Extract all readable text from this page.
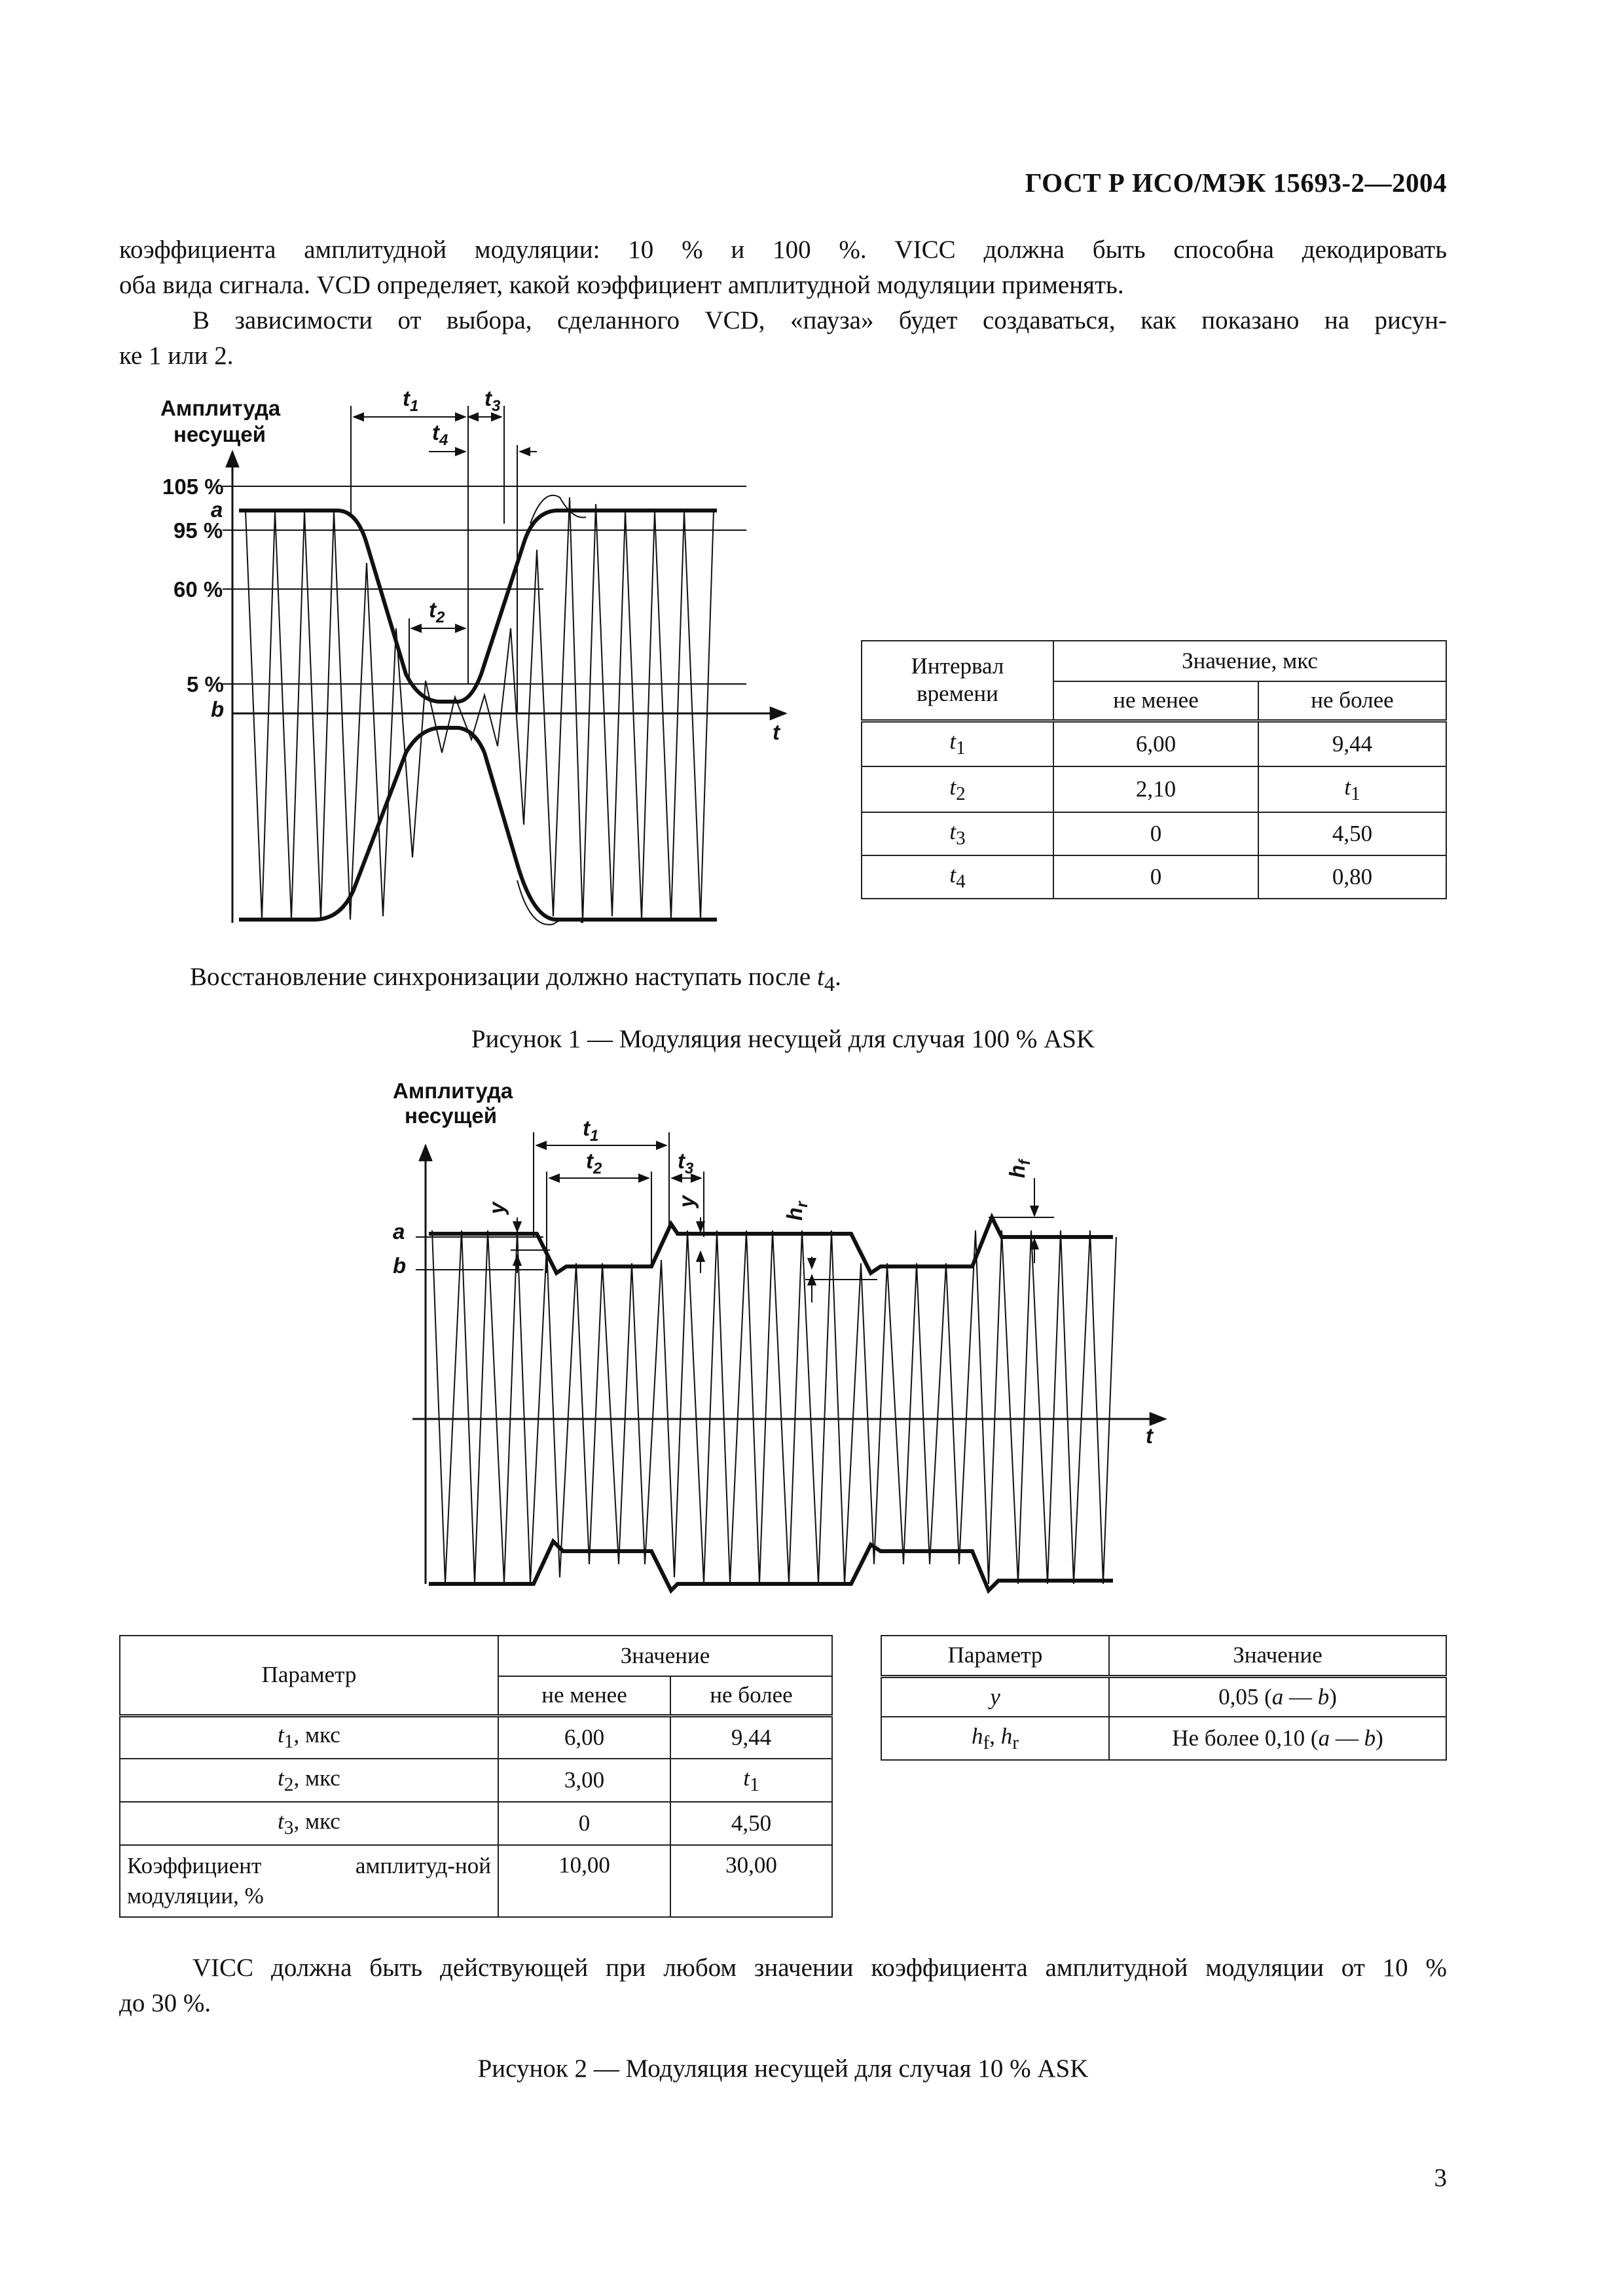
ГОСТ Р ИСО/МЭК 15693-2—2004
коэффициента амплитудной модуляции: 10 % и 100 %. VICC должна быть способна декодировать
оба вида сигнала. VCD определяет, какой коэффициент амплитудной модуляции применять.
В зависимости от выбора, сделанного VCD, «пауза» будет создаваться, как показано на рисун-
ке 1 или 2.
Амплитуда
несущей
105 %
a
95 %
60 %
5 %
b
t
$t_1$	$t_3$
$t_4$
$t_2$
Интервал
времени	Значение, мкс	
	не менее	не более
$t_1$	6,00	9,44
$t_2$	2,10	$t_1$
$t_3$	0	4,50
$t_4$	0	0,80
Восстановление синхронизации должно наступать после $t_4$.
Рисунок 1 — Модуляция несущей для случая 100 % ASK
Амплитуда
несущей
a
b
t
$t_1$
$t_2$	$t_3$
y
y
$h_r$
$h_f$
Параметр	Значение	
	не менее	не более
$t_1$, мкс	6,00	9,44
$t_2$, мкс	3,00	$t_1$
$t_3$, мкс	0	4,50
Коэффициент амплитуд-ной модуляции, %	10,00	30,00
Параметр	Значение
y	0,05 (a — b)
$h_f$, $h_r$	Не более 0,10 (a — b)
VICC должна быть действующей при любом значении коэффициента амплитудной модуляции от 10 %
до 30 %.
Рисунок 2 — Модуляция несущей для случая 10 % ASK
3
